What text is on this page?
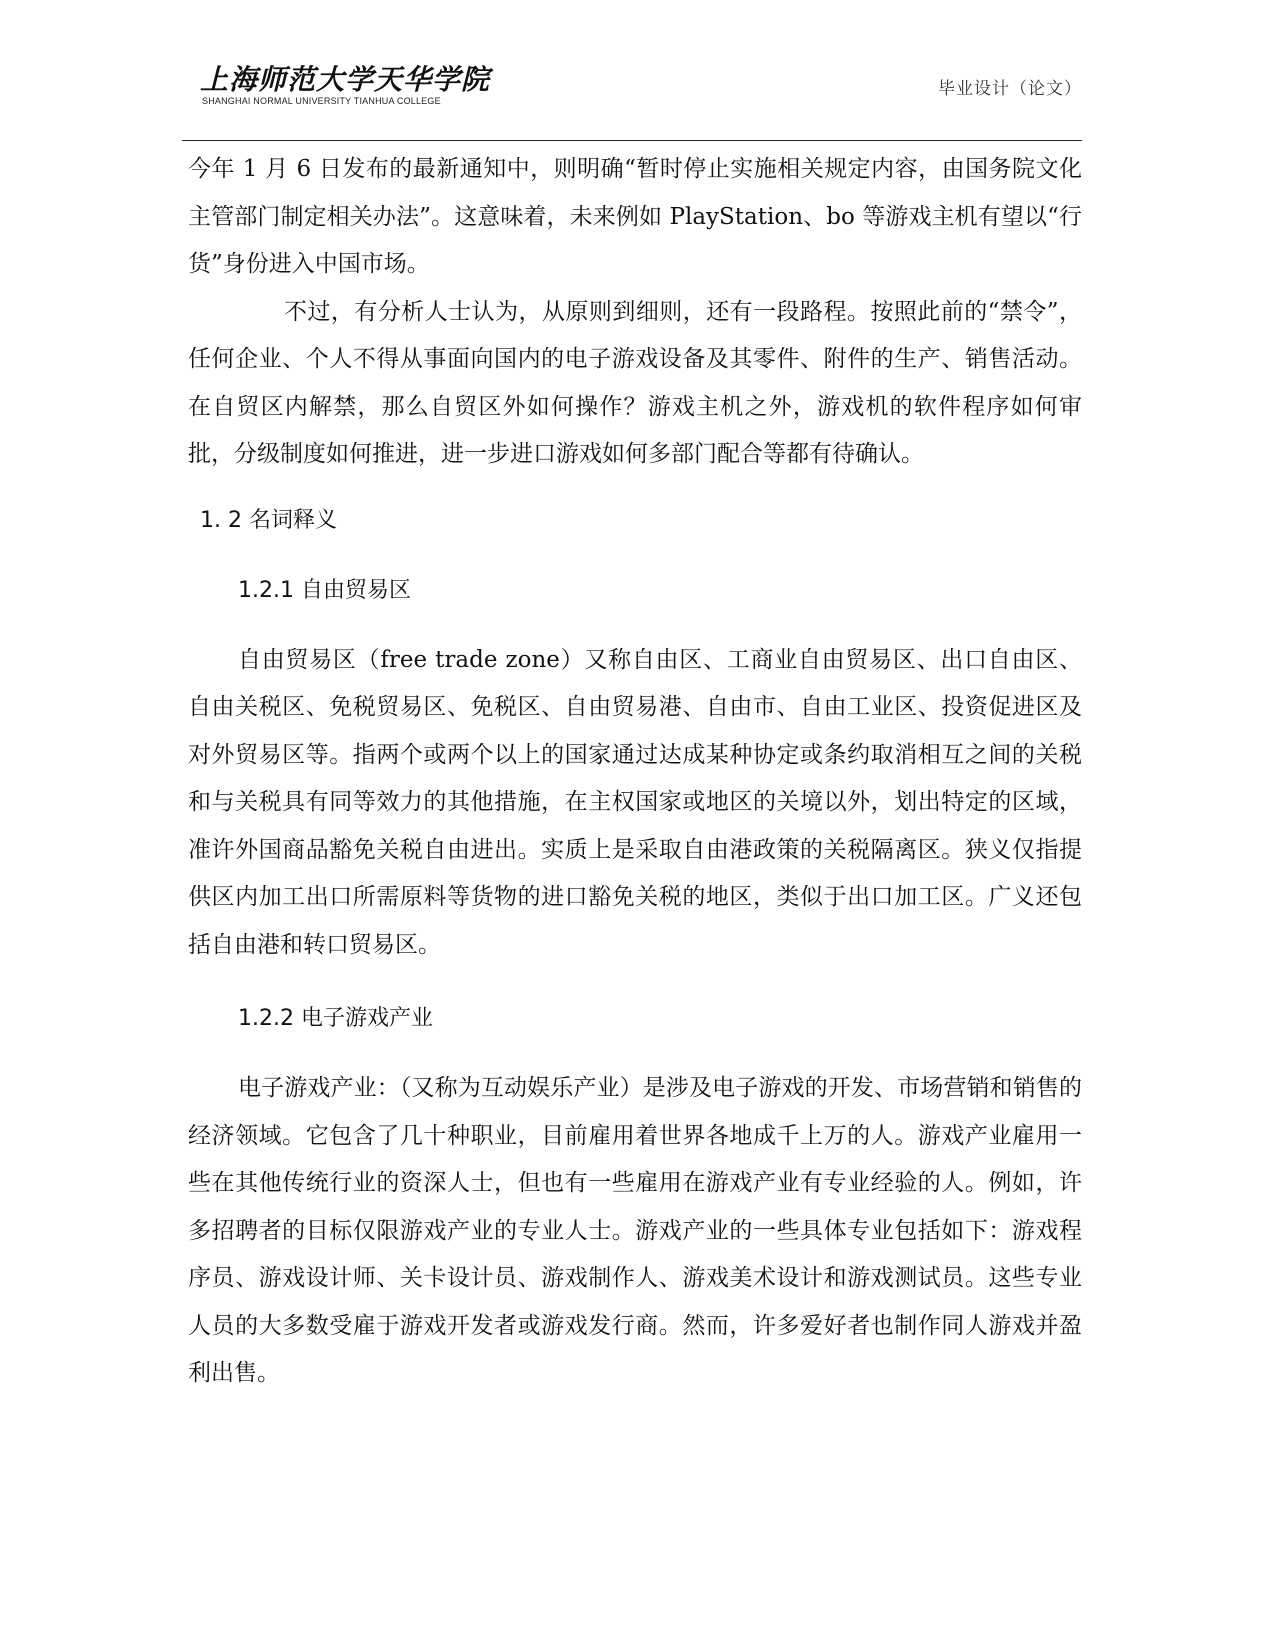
上海师范大学天华学院
SHANGHAI NORMAL UNIVERSITY TIANHUA COLLEGE
毕业设计（论文）

今年 1 月 6 日发布的最新通知中，则明确“暂时停止实施相关规定内容，由国务院文化主管部门制定相关办法”。这意味着，未来例如 PlayStation、bo 等游戏主机有望以“行货”身份进入中国市场。

不过，有分析人士认为，从原则到细则，还有一段路程。按照此前的“禁令”，任何企业、个人不得从事面向国内的电子游戏设备及其零件、附件的生产、销售活动。在自贸区内解禁，那么自贸区外如何操作？游戏主机之外，游戏机的软件程序如何审批，分级制度如何推进，进一步进口游戏如何多部门配合等都有待确认。

1. 2 名词释义
1.2.1 自由贸易区

自由贸易区（free trade zone）又称自由区、工商业自由贸易区、出口自由区、自由关税区、免税贸易区、免税区、自由贸易港、自由市、自由工业区、投资促进区及对外贸易区等。指两个或两个以上的国家通过达成某种协定或条约取消相互之间的关税和与关税具有同等效力的其他措施，在主权国家或地区的关境以外，划出特定的区域，准许外国商品豁免关税自由进出。实质上是采取自由港政策的关税隔离区。狭义仅指提供区内加工出口所需原料等货物的进口豁免关税的地区，类似于出口加工区。广义还包括自由港和转口贸易区。

1.2.2 电子游戏产业

电子游戏产业：（又称为互动娱乐产业）是涉及电子游戏的开发、市场营销和销售的经济领域。它包含了几十种职业，目前雇用着世界各地成千上万的人。游戏产业雇用一些在其他传统行业的资深人士，但也有一些雇用在游戏产业有专业经验的人。例如，许多招聘者的目标仅限游戏产业的专业人士。游戏产业的一些具体专业包括如下：游戏程序员、游戏设计师、关卡设计员、游戏制作人、游戏美术设计和游戏测试员。这些专业人员的大多数受雇于游戏开发者或游戏发行商。然而，许多爱好者也制作同人游戏并盈利出售。
